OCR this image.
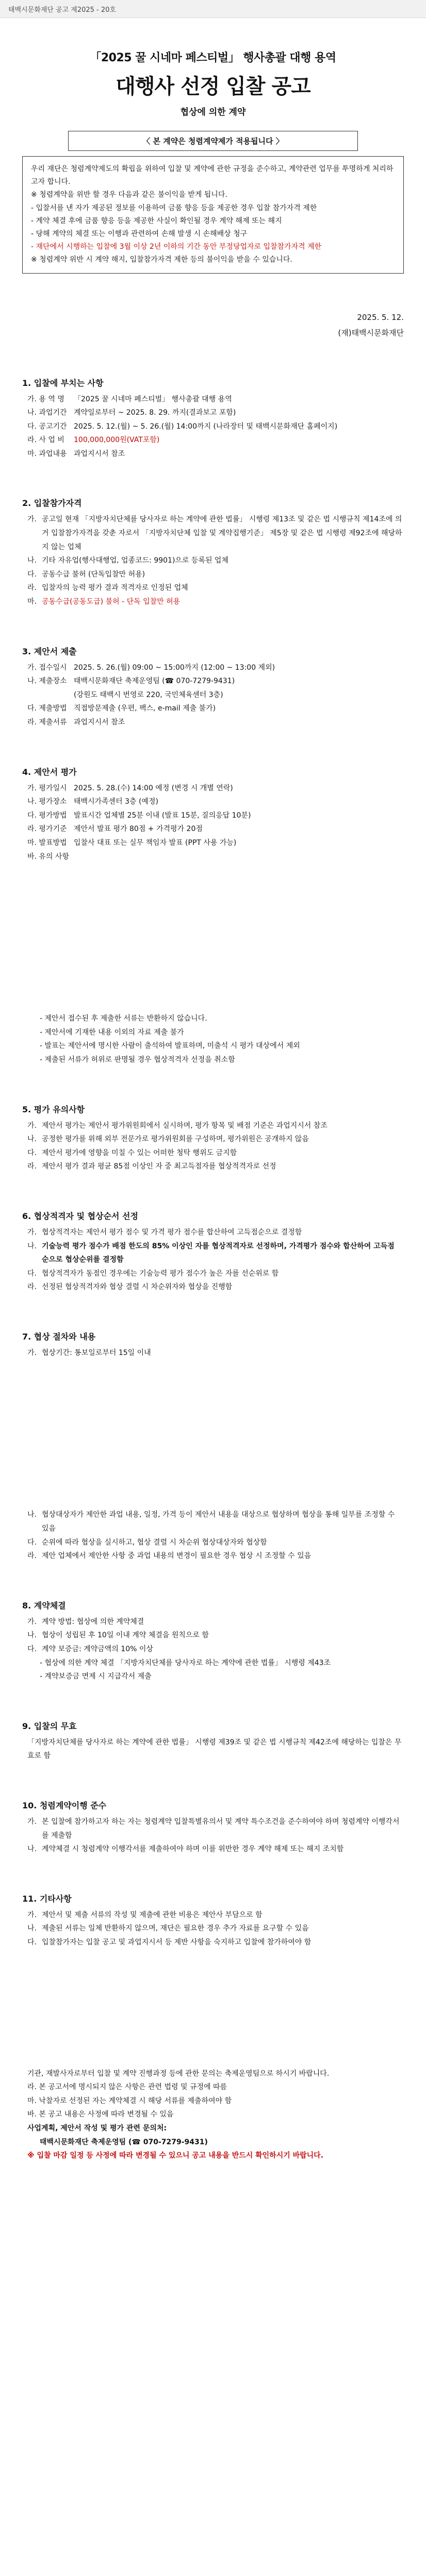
태백시문화재단 공고 제2025 - 20호
「2025 꿀 시네마 페스티벌」 행사총괄 대행 용역
대행사 선정 입찰 공고
협상에 의한 계약
〈 본 계약은 청렴계약제가 적용됩니다 〉

우리 재단은 청렴계약제도의 확립을 위하여 입찰 및 계약에 관한 규정을 준수하고, 계약관련 업무를 투명하게 처리하고자 합니다.

※ 청렴계약을 위반 할 경우 다음과 같은 불이익을 받게 됩니다.

- 입찰서를 낸 자가 제공된 정보를 이용하여 금품 향응 등을 제공한 경우 입찰 참가자격 제한

- 계약 체결 후에 금품 향응 등을 제공한 사실이 확인될 경우 계약 해제 또는 해지

- 당해 계약의 체결 또는 이행과 관련하여 손해 발생 시 손해배상 청구

- 재단에서 시행하는 입찰에 3월 이상 2년 이하의 기간 동안 부정당업자로 입찰참가자격 제한

※ 청렴계약 위반 시 계약 해지, 입찰참가자격 제한 등의 불이익을 받을 수 있습니다.

2025. 5. 12.
(재)태백시문화재단
1. 입찰에 부치는 사항
가. 용 역 명	「2025 꿀 시네마 페스티벌」 행사총괄 대행 용역
나. 과업기간 계약일로부터 ~ 2025. 8. 29. 까지(결과보고 포함)
다. 공고기간 2025. 5. 12.(월) ~ 5. 26.(월) 14:00까지 (나라장터 및 태백시문화재단 홈페이지)
라. 사 업 비	100,000,000원(VAT포함)
마. 과업내용 과업지시서 참조
2. 입찰참가자격
가. 공고일 현재 「지방자치단체를 당사자로 하는 계약에 관한 법률」 시행령 제13조 및 같은 법 시행규칙 제14조에 의거 입찰참가자격을 갖춘 자로서 「지방자치단체 입찰 및 계약집행기준」 제5장 및 같은 법 시행령 제92조에 해당하지 않는 업체
나. 기타 자유업(행사대행업, 업종코드: 9901)으로 등록된 업체
다. 공동수급 불허 (단독입찰만 허용)
라. 입찰자의 능력 평가 결과 적격자로 인정된 업체
마. 공동수급(공동도급) 불허 - 단독 입찰만 허용
3. 제안서 제출
가. 접수일시 2025. 5. 26.(월) 09:00 ~ 15:00까지 (12:00 ~ 13:00 제외)
나. 제출장소 태백시문화재단 축제운영팀 (☎ 070-7279-9431)
(강원도 태백시 번영로 220, 국민체육센터 3층)
다. 제출방법 직접방문제출 (우편, 팩스, e-mail 제출 불가)
라. 제출서류 과업지시서 참조
4. 제안서 평가
가. 평가일시 2025. 5. 28.(수) 14:00 예정 (변경 시 개별 연락)
나. 평가장소 태백시가족센터 3층 (예정)
다. 평가방법 발표시간 업체별 25분 이내 (발표 15분, 질의응답 10분)
라. 평가기준 제안서 발표 평가 80점 + 가격평가 20점
마. 발표방법 입찰사 대표 또는 실무 책임자 발표 (PPT 사용 가능)
바. 유의 사항
- 제안서 접수된 후 제출한 서류는 반환하지 않습니다.
- 제안서에 기재한 내용 이외의 자료 제출 불가
- 발표는 제안서에 명시한 사람이 출석하여 발표하며, 미출석 시 평가 대상에서 제외
- 제출된 서류가 허위로 판명될 경우 협상적격자 선정을 취소함
5. 평가 유의사항
가. 제안서 평가는 제안서 평가위원회에서 실시하며, 평가 항목 및 배점 기준은 과업지시서 참조
나. 공정한 평가를 위해 외부 전문가로 평가위원회를 구성하며, 평가위원은 공개하지 않음
다. 제안서 평가에 영향을 미칠 수 있는 어떠한 청탁 행위도 금지함
라. 제안서 평가 결과 평균 85점 이상인 자 중 최고득점자를 협상적격자로 선정
6. 협상적격자 및 협상순서 선정
가. 협상적격자는 제안서 평가 점수 및 가격 평가 점수를 합산하여 고득점순으로 결정함
나. 기술능력 평가 점수가 배점 한도의 85% 이상인 자를 협상적격자로 선정하며, 가격평가 점수와 합산하여 고득점 순으로 협상순위를 결정함
다. 협상적격자가 동점인 경우에는 기술능력 평가 점수가 높은 자를 선순위로 함
라. 선정된 협상적격자와 협상 결렬 시 차순위자와 협상을 진행함
7. 협상 절차와 내용
가. 협상기간: 통보일로부터 15일 이내
나. 협상대상자가 제안한 과업 내용, 일정, 가격 등이 제안서 내용을 대상으로 협상하며 협상을 통해 일부를 조정할 수 있음
다. 순위에 따라 협상을 실시하고, 협상 결렬 시 차순위 협상대상자와 협상함
라. 제안 업체에서 제안한 사항 중 과업 내용의 변경이 필요한 경우 협상 시 조정할 수 있음
8. 계약체결
가. 계약 방법: 협상에 의한 계약체결
나. 협상이 성립된 후 10일 이내 계약 체결을 원칙으로 함
다. 계약 보증금: 계약금액의 10% 이상
- 협상에 의한 계약 체결 「지방자치단체를 당사자로 하는 계약에 관한 법률」 시행령 제43조
- 계약보증금 면제 시 지급각서 제출
9. 입찰의 무효
「지방자치단체를 당사자로 하는 계약에 관한 법률」 시행령 제39조 및 같은 법 시행규칙 제42조에 해당하는 입찰은 무효로 함
10. 청렴계약이행 준수
가. 본 입찰에 참가하고자 하는 자는 청렴계약 입찰특별유의서 및 계약 특수조건을 준수하여야 하며 청렴계약 이행각서를 제출함
나. 계약체결 시 청렴계약 이행각서를 제출하여야 하며 이를 위반한 경우 계약 해제 또는 해지 조치함
11. 기타사항
가. 제안서 및 제출 서류의 작성 및 제출에 관한 비용은 제안사 부담으로 함
나. 제출된 서류는 일체 반환하지 않으며, 재단은 필요한 경우 추가 자료를 요구할 수 있음
다. 입찰참가자는 입찰 공고 및 과업지시서 등 제반 사항을 숙지하고 입찰에 참가하여야 함
기관, 재발사자로부터 입찰 및 계약 진행과정 등에 관한 문의는 축제운영팀으로 하시기 바랍니다.
라. 본 공고서에 명시되지 않은 사항은 관련 법령 및 규정에 따름
마. 낙찰자로 선정된 자는 계약체결 시 해당 서류를 제출하여야 함
바. 본 공고 내용은 사정에 따라 변경될 수 있음
사업계획, 제안서 작성 및 평가 관련 문의처:
태백시문화재단 축제운영팀 (☎ 070-7279-9431)
※ 입찰 마감 일정 등 사정에 따라 변경될 수 있으니 공고 내용을 반드시 확인하시기 바랍니다.
